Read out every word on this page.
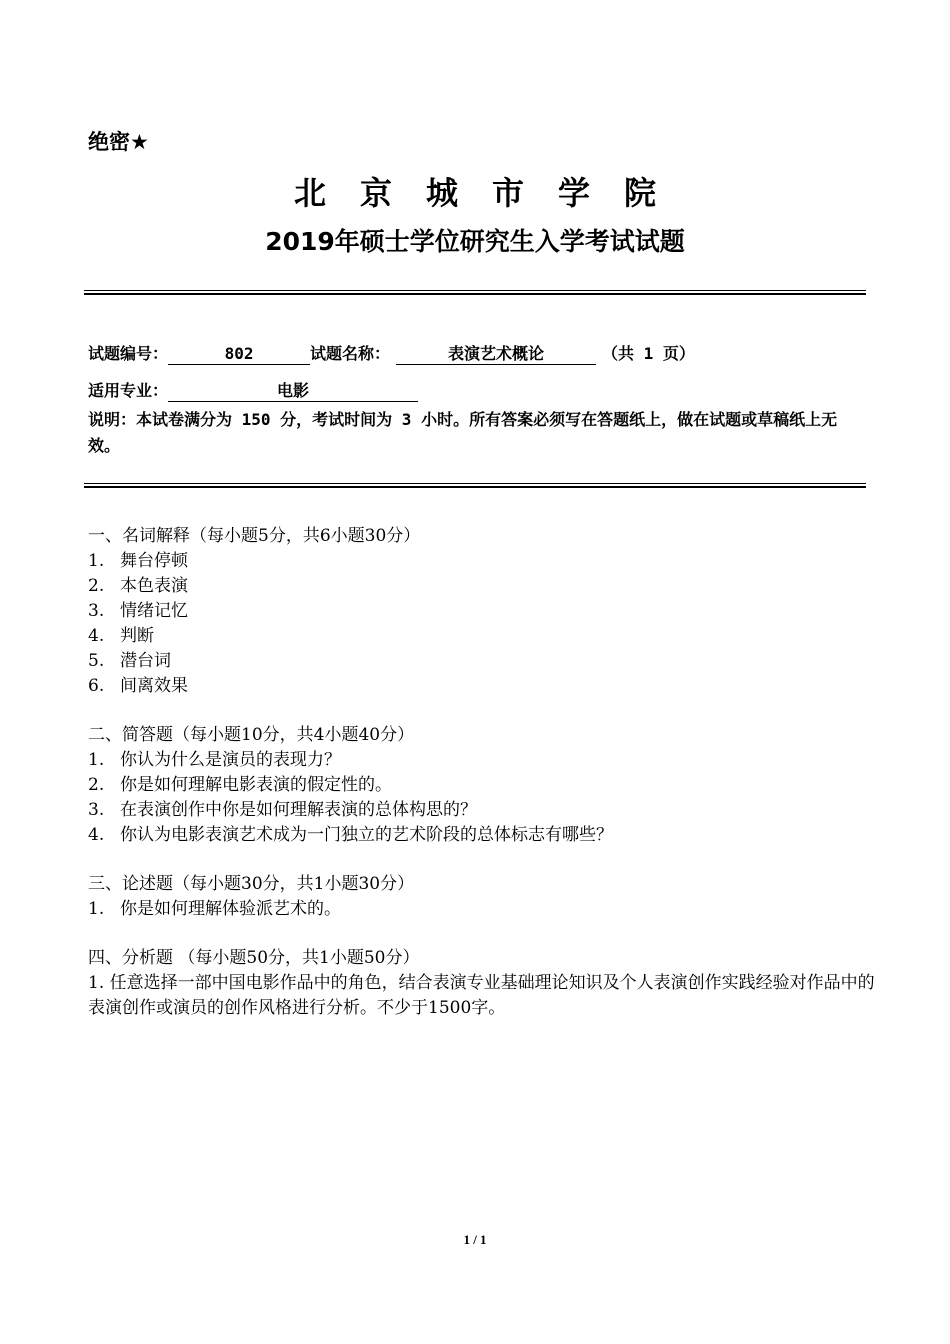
绝密★
北京城市学院
2019年硕士学位研究生入学考试试题
试题编号：	802	试题名称：	表演艺术概论	（共 1 页）
适用专业：	电影
说明：本试卷满分为 150 分，考试时间为 3 小时。所有答案必须写在答题纸上，做在试题或草稿纸上无效。

一、名词解释（每小题5分，共6小题30分）

1. 舞台停顿

2. 本色表演

3. 情绪记忆

4. 判断

5. 潜台词

6. 间离效果

二、简答题（每小题10分，共4小题40分）

1. 你认为什么是演员的表现力？

2. 你是如何理解电影表演的假定性的。

3. 在表演创作中你是如何理解表演的总体构思的？

4. 你认为电影表演艺术成为一门独立的艺术阶段的总体标志有哪些？

三、论述题（每小题30分，共1小题30分）

1. 你是如何理解体验派艺术的。

四、分析题 （每小题50分，共1小题50分）

1. 任意选择一部中国电影作品中的角色，结合表演专业基础理论知识及个人表演创作实践经验对作品中的表演创作或演员的创作风格进行分析。不少于1500字。

1 / 1
